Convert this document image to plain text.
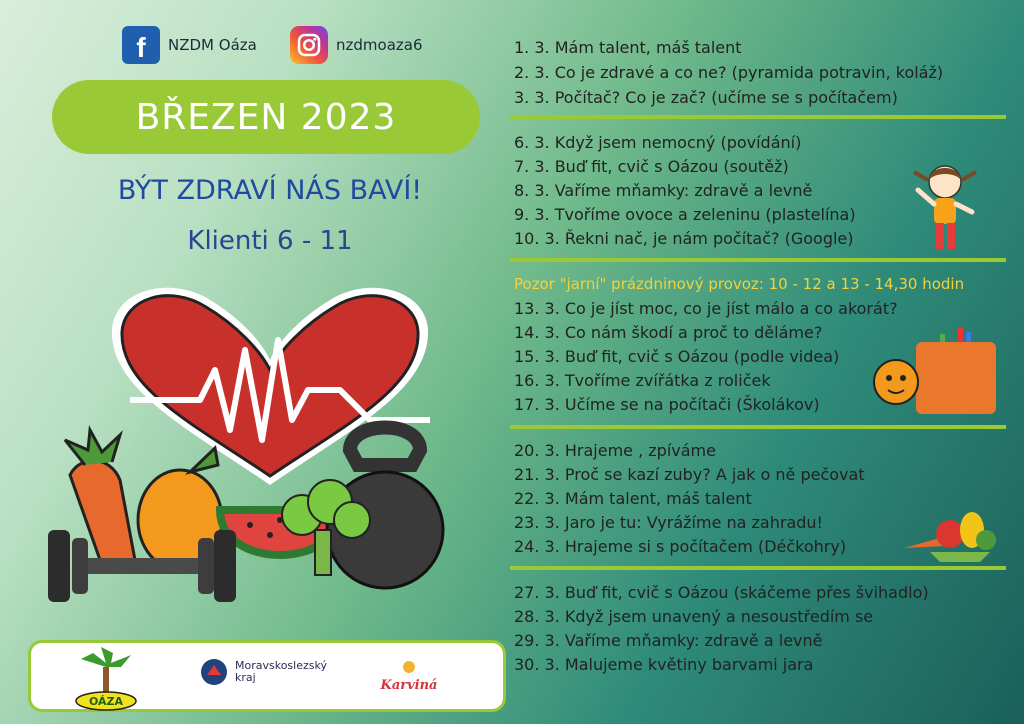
f	NZDM Oáza	nzdmoaza6
BŘEZEN 2023
BÝT ZDRAVÍ NÁS BAVÍ!
Klienti 6 - 11
OÁZA
Moravskoslezský
kraj
Karviná
1. 3. Mám talent, máš talent
2. 3. Co je zdravé a co ne? (pyramida potravin, koláž)
3. 3. Počítač? Co je zač? (učíme se s počítačem)
6. 3. Když jsem nemocný (povídání)
7. 3. Buď fit, cvič s Oázou (soutěž)
8. 3. Vaříme mňamky: zdravě a levně
9. 3. Tvoříme ovoce a zeleninu (plastelína)
10. 3. Řekni nač, je nám počítač? (Google)
Pozor "jarní" prázdninový provoz: 10 - 12 a 13 - 14,30 hodin
13. 3. Co je jíst moc, co je jíst málo a co akorát?
14. 3. Co nám škodí a proč to děláme?
15. 3. Buď fit, cvič s Oázou (podle videa)
16. 3. Tvoříme zvířátka z roliček
17. 3. Učíme se na počítači (Školákov)
20. 3. Hrajeme , zpíváme
21. 3. Proč se kazí zuby? A jak o ně pečovat
22. 3. Mám talent, máš talent
23. 3. Jaro je tu: Vyrážíme na zahradu!
24. 3. Hrajeme si s počítačem (Déčkohry)
27. 3. Buď fit, cvič s Oázou (skáčeme přes švihadlo)
28. 3. Když jsem unavený a nesoustředím se
29. 3. Vaříme mňamky: zdravě a levně
30. 3. Malujeme květiny barvami jara
